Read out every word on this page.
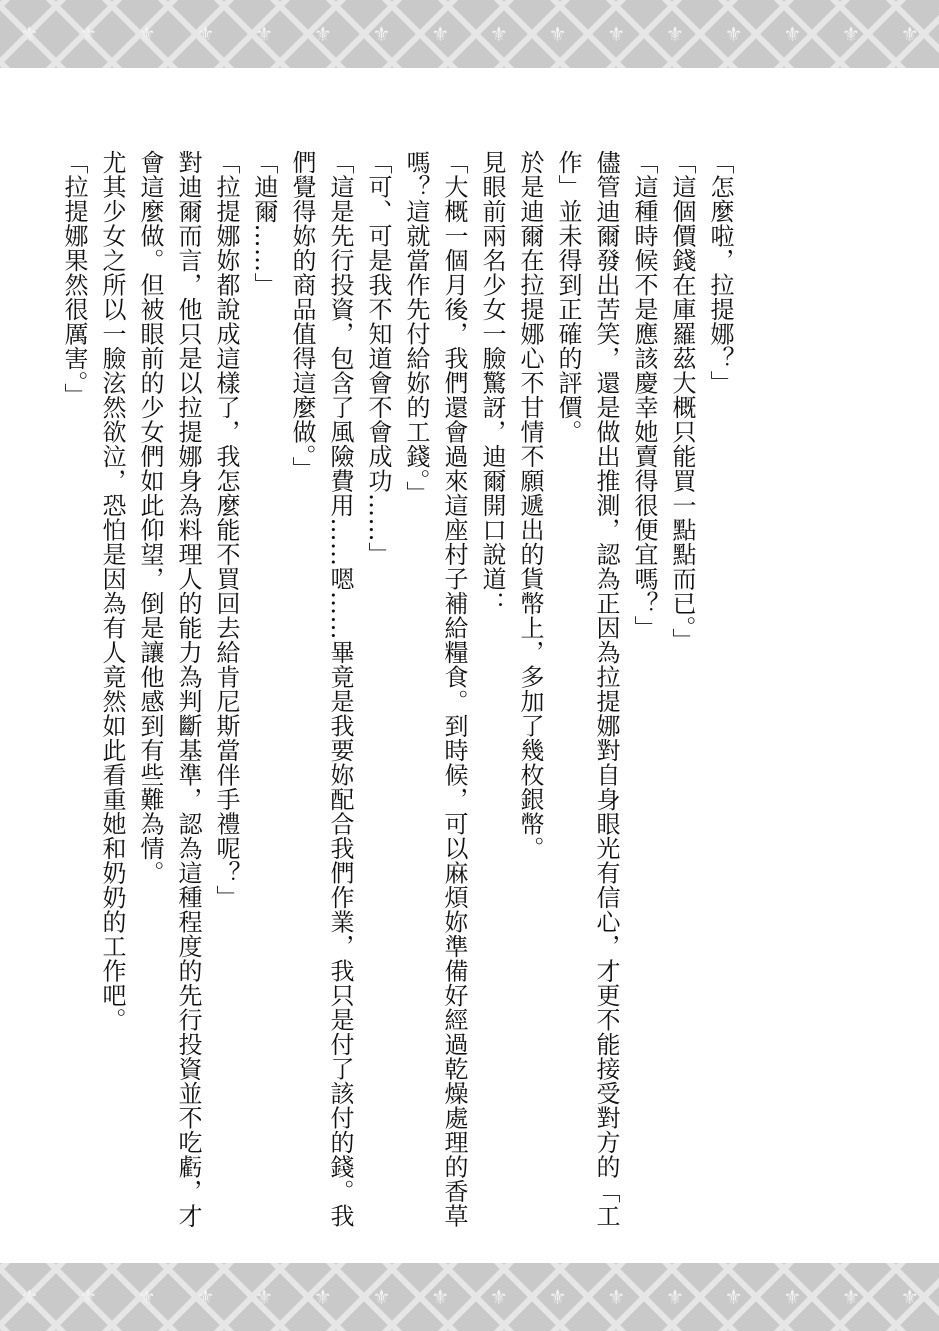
⚜ ⚜ ⚜ ⚜ ⚜ ⚜ ⚜ ⚜ ⚜ ⚜ ⚜ ⚜ ⚜ ⚜ ⚜ ⚜

「怎麼啦，拉提娜？」

「這個價錢在庫羅茲大概只能買一點點而已。」

「這種時候不是應該慶幸她賣得很便宜嗎？」

儘管迪爾發出苦笑，還是做出推測，認為正因為拉提娜對自身眼光有信心，才更不能接受對方的「工作」並未得到正確的評價。

於是迪爾在拉提娜心不甘情不願遞出的貨幣上，多加了幾枚銀幣。

見眼前兩名少女一臉驚訝，迪爾開口說道：

「大概一個月後，我們還會過來這座村子補給糧食。到時候，可以麻煩妳準備好經過乾燥處理的香草嗎？這就當作先付給妳的工錢。」

「可、可是我不知道會不會成功……」

「這是先行投資，包含了風險費用……嗯……畢竟是我要妳配合我們作業，我只是付了該付的錢。我們覺得妳的商品值得這麼做。」

「迪爾……」

「拉提娜妳都說成這樣了，我怎麼能不買回去給肯尼斯當伴手禮呢？」

對迪爾而言，他只是以拉提娜身為料理人的能力為判斷基準，認為這種程度的先行投資並不吃虧，才會這麼做。但被眼前的少女們如此仰望，倒是讓他感到有些難為情。

尤其少女之所以一臉泫然欲泣，恐怕是因為有人竟然如此看重她和奶奶的工作吧。

「拉提娜果然很厲害。」

⚜ ⚜ ⚜ ⚜ ⚜ ⚜ ⚜ ⚜ ⚜ ⚜ ⚜ ⚜ ⚜ ⚜ ⚜ ⚜
